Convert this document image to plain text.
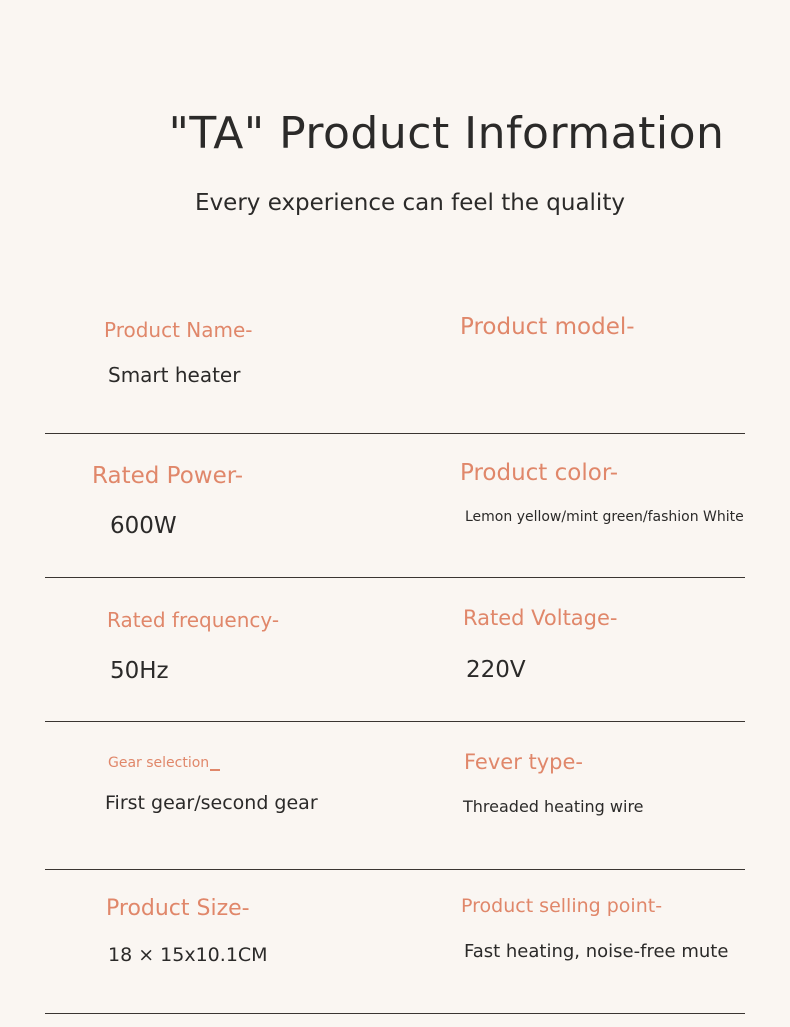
"TA" Product Information

Every experience can feel the quality

Product Name-
Smart heater
Product model-
Rated Power-
600W
Product color-
Lemon yellow/mint green/fashion White
Rated frequency-
50Hz
Rated Voltage-
220V
Gear selection
First gear/second gear
Fever type-
Threaded heating wire
Product Size-
18 × 15x10.1CM
Product selling point-
Fast heating, noise-free mute
